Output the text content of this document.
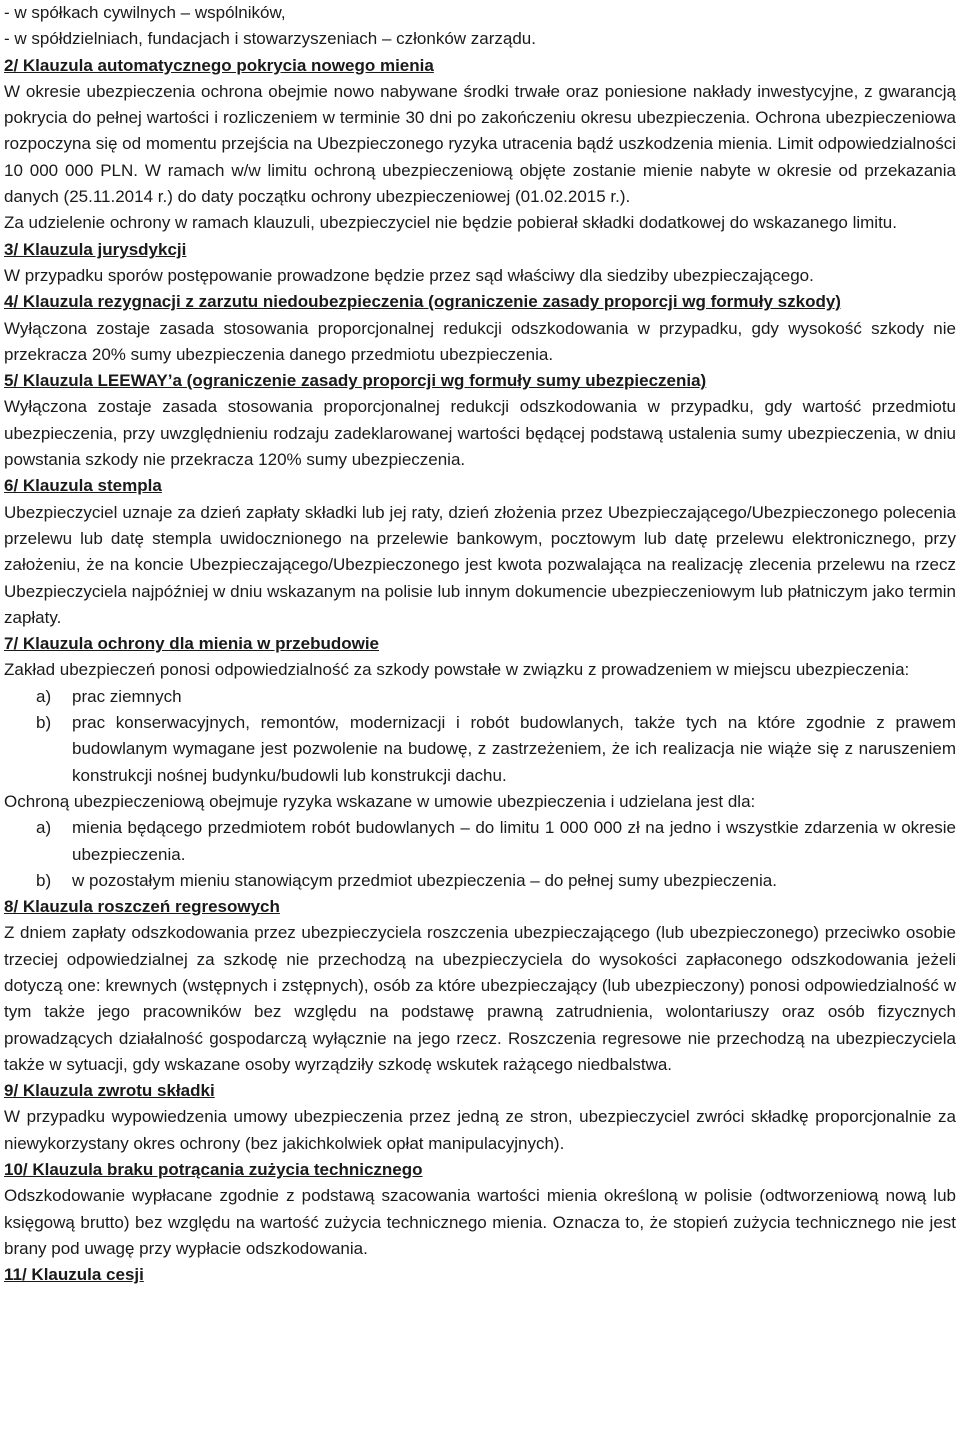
- w spółkach cywilnych – wspólników,

- w spółdzielniach, fundacjach i stowarzyszeniach – członków zarządu.

2/ Klauzula automatycznego pokrycia nowego mienia

W okresie ubezpieczenia ochrona obejmie nowo nabywane środki trwałe oraz poniesione nakłady inwestycyjne, z gwarancją pokrycia do pełnej wartości i rozliczeniem w terminie 30 dni po zakończeniu okresu ubezpieczenia. Ochrona ubezpieczeniowa rozpoczyna się od momentu przejścia na Ubezpieczonego ryzyka utracenia bądź uszkodzenia mienia. Limit odpowiedzialności 10 000 000 PLN. W ramach w/w limitu ochroną ubezpieczeniową objęte zostanie mienie nabyte w okresie od przekazania danych (25.11.2014 r.) do daty początku ochrony ubezpieczeniowej (01.02.2015 r.).

Za udzielenie ochrony w ramach klauzuli, ubezpieczyciel nie będzie pobierał składki dodatkowej do wskazanego limitu.

3/ Klauzula jurysdykcji

W przypadku sporów postępowanie prowadzone będzie przez sąd właściwy dla siedziby ubezpieczającego.

4/ Klauzula rezygnacji z zarzutu niedoubezpieczenia (ograniczenie zasady proporcji wg formuły szkody)

Wyłączona zostaje zasada stosowania proporcjonalnej redukcji odszkodowania w przypadku, gdy wysokość szkody nie przekracza 20% sumy ubezpieczenia danego przedmiotu ubezpieczenia.

5/ Klauzula LEEWAY’a (ograniczenie zasady proporcji wg formuły sumy ubezpieczenia)

Wyłączona zostaje zasada stosowania proporcjonalnej redukcji odszkodowania w przypadku, gdy wartość przedmiotu ubezpieczenia, przy uwzględnieniu rodzaju zadeklarowanej wartości będącej podstawą ustalenia sumy ubezpieczenia, w dniu powstania szkody nie przekracza 120% sumy ubezpieczenia.

6/ Klauzula stempla

Ubezpieczyciel uznaje za dzień zapłaty składki lub jej raty, dzień złożenia przez Ubezpieczającego/Ubezpieczonego polecenia przelewu lub datę stempla uwidocznionego na przelewie bankowym, pocztowym lub datę przelewu elektronicznego, przy założeniu, że na koncie Ubezpieczającego/Ubezpieczonego jest kwota pozwalająca na realizację zlecenia przelewu na rzecz Ubezpieczyciela najpóźniej w dniu wskazanym na polisie lub innym dokumencie ubezpieczeniowym lub płatniczym jako termin zapłaty.

7/ Klauzula ochrony dla mienia w przebudowie

Zakład ubezpieczeń ponosi odpowiedzialność za szkody powstałe w związku z prowadzeniem w miejscu ubezpieczenia:

a)	prac ziemnych
b)	prac konserwacyjnych, remontów, modernizacji i robót budowlanych, także tych na które zgodnie z prawem budowlanym wymagane jest pozwolenie na budowę, z zastrzeżeniem, że ich realizacja nie wiąże się z naruszeniem konstrukcji nośnej budynku/budowli lub konstrukcji dachu.

Ochroną ubezpieczeniową obejmuje ryzyka wskazane w umowie ubezpieczenia i udzielana jest dla:

a)	mienia będącego przedmiotem robót budowlanych – do limitu 1 000 000 zł na jedno i wszystkie zdarzenia w okresie ubezpieczenia.
b)	w pozostałym mieniu stanowiącym przedmiot ubezpieczenia – do pełnej sumy ubezpieczenia.

8/ Klauzula roszczeń regresowych

Z dniem zapłaty odszkodowania przez ubezpieczyciela roszczenia ubezpieczającego (lub ubezpieczonego) przeciwko osobie trzeciej odpowiedzialnej za szkodę nie przechodzą na ubezpieczyciela do wysokości zapłaconego odszkodowania jeżeli dotyczą one: krewnych (wstępnych i zstępnych), osób za które ubezpieczający (lub ubezpieczony) ponosi odpowiedzialność w tym także jego pracowników bez względu na podstawę prawną zatrudnienia, wolontariuszy oraz osób fizycznych prowadzących działalność gospodarczą wyłącznie na jego rzecz. Roszczenia regresowe nie przechodzą na ubezpieczyciela także w sytuacji, gdy wskazane osoby wyrządziły szkodę wskutek rażącego niedbalstwa.

9/ Klauzula zwrotu składki

W przypadku wypowiedzenia umowy ubezpieczenia przez jedną ze stron, ubezpieczyciel zwróci składkę proporcjonalnie za niewykorzystany okres ochrony (bez jakichkolwiek opłat manipulacyjnych).

10/ Klauzula braku potrącania zużycia technicznego

Odszkodowanie wypłacane zgodnie z podstawą szacowania wartości mienia określoną w polisie (odtworzeniową nową lub księgową brutto) bez względu na wartość zużycia technicznego mienia. Oznacza to, że stopień zużycia technicznego nie jest brany pod uwagę przy wypłacie odszkodowania.

11/ Klauzula cesji
